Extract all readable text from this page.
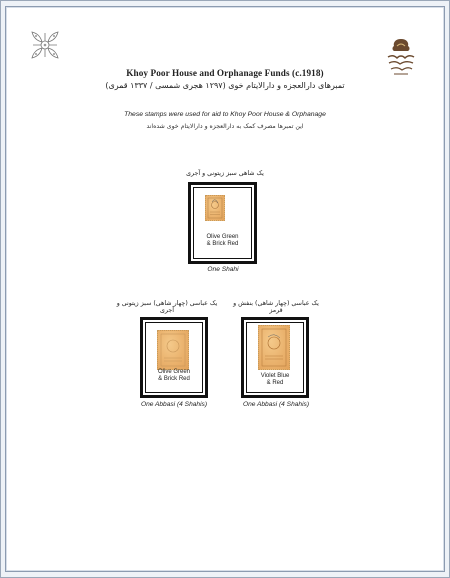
Khoy Poor House and Orphanage Funds (c.1918)
تمبرهای دارالعجزه و دارالایتام خوی (۱۲۹۷ هجری شمسی / ۱۳۳۷ قمری)
These stamps were used for aid to Khoy Poor House & Orphanage
این تمبرها مصرف کمک به دارالعجزه و دارالایتام خوی شده‌اند
یک شاهی سبز زیتونی و آجری
Olive Green
& Brick Red
One Shahi
یک عباسی (چهار شاهی) سبز زیتونی و آجری
Olive Green
& Brick Red
One Abbasi (4 Shahis)
یک عباسی (چهار شاهی) بنفش و قرمز
Violet Blue
& Red
One Abbasi (4 Shahis)
